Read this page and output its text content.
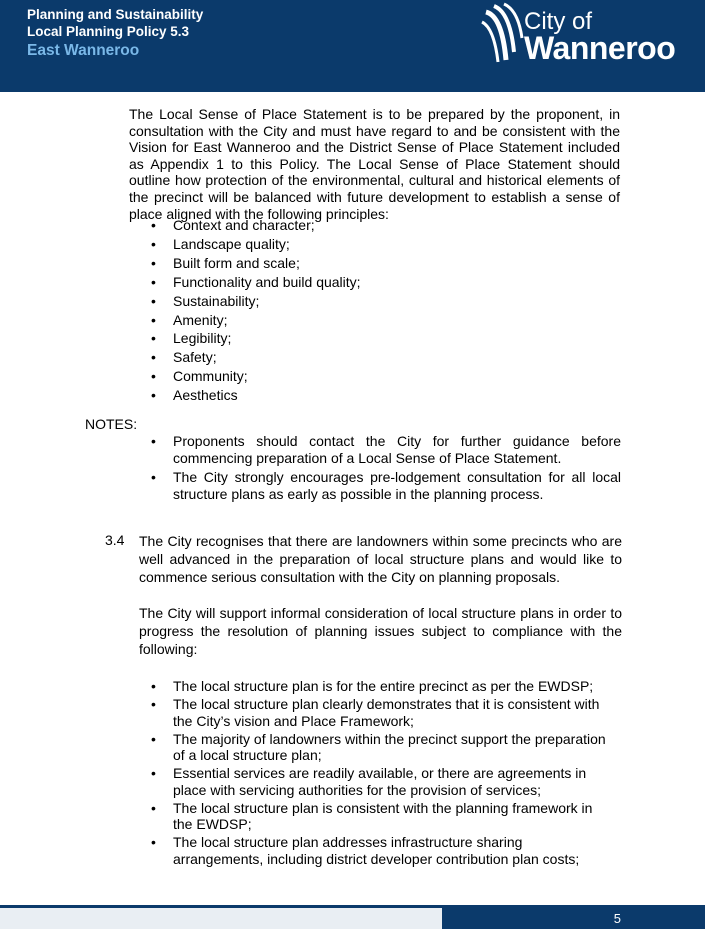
Planning and Sustainability
Local Planning Policy 5.3
East Wanneroo
City of
Wanneroo
The Local Sense of Place Statement is to be prepared by the proponent, in consultation with the City and must have regard to and be consistent with the Vision for East Wanneroo and the District Sense of Place Statement included as Appendix 1 to this Policy. The Local Sense of Place Statement should outline how protection of the environmental, cultural and historical elements of the precinct will be balanced with future development to establish a sense of place aligned with the following principles:
• Context and character;
• Landscape quality;
• Built form and scale;
• Functionality and build quality;
• Sustainability;
• Amenity;
• Legibility;
• Safety;
• Community;
• Aesthetics
NOTES:
• Proponents should contact the City for further guidance before commencing preparation of a Local Sense of Place Statement.
• The City strongly encourages pre-lodgement consultation for all local structure plans as early as possible in the planning process.
3.4 The City recognises that there are landowners within some precincts who are well advanced in the preparation of local structure plans and would like to commence serious consultation with the City on planning proposals.
The City will support informal consideration of local structure plans in order to progress the resolution of planning issues subject to compliance with the following:
• The local structure plan is for the entire precinct as per the EWDSP;
• The local structure plan clearly demonstrates that it is consistent with the City’s vision and Place Framework;
• The majority of landowners within the precinct support the preparation of a local structure plan;
• Essential services are readily available, or there are agreements in place with servicing authorities for the provision of services;
• The local structure plan is consistent with the planning framework in the EWDSP;
• The local structure plan addresses infrastructure sharing arrangements, including district developer contribution plan costs;
5
